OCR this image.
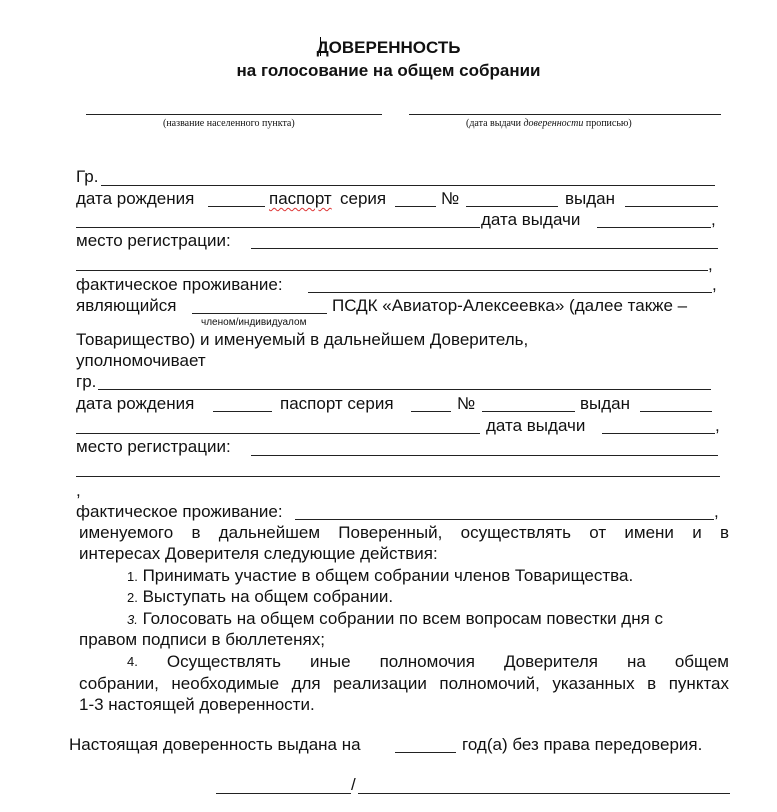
ДОВЕРЕННОСТЬ
на голосование на общем собрании
(название населенного пункта)	(дата выдачи доверенности прописью)
Гр.
дата рождения	паспорт серия	№	выдан
дата выдачи	,
место регистрации:
,
фактическое проживание:	,
являющийся
членом/индивидуалом
ПСДК «Авиатор-Алексеевка» (далее также –
Товарищество) и именуемый в дальнейшем Доверитель,
уполномочивает
гр.
дата рождения	паспорт серия	№	выдан
дата выдачи	,
место регистрации:
,
фактическое проживание:	,
именуемого в дальнейшем Поверенный, осуществлять от имени и в
интересах Доверителя следующие действия:
1. Принимать участие в общем собрании членов Товарищества.
2. Выступать на общем собрании.
3. Голосовать на общем собрании по всем вопросам повестки дня с
правом подписи в бюллетенях;
4. Осуществлять иные полномочия Доверителя на общем
собрании, необходимые для реализации полномочий, указанных в пунктах
1-3 настоящей доверенности.
Настоящая доверенность выдана на	год(а) без права передоверия.
/
